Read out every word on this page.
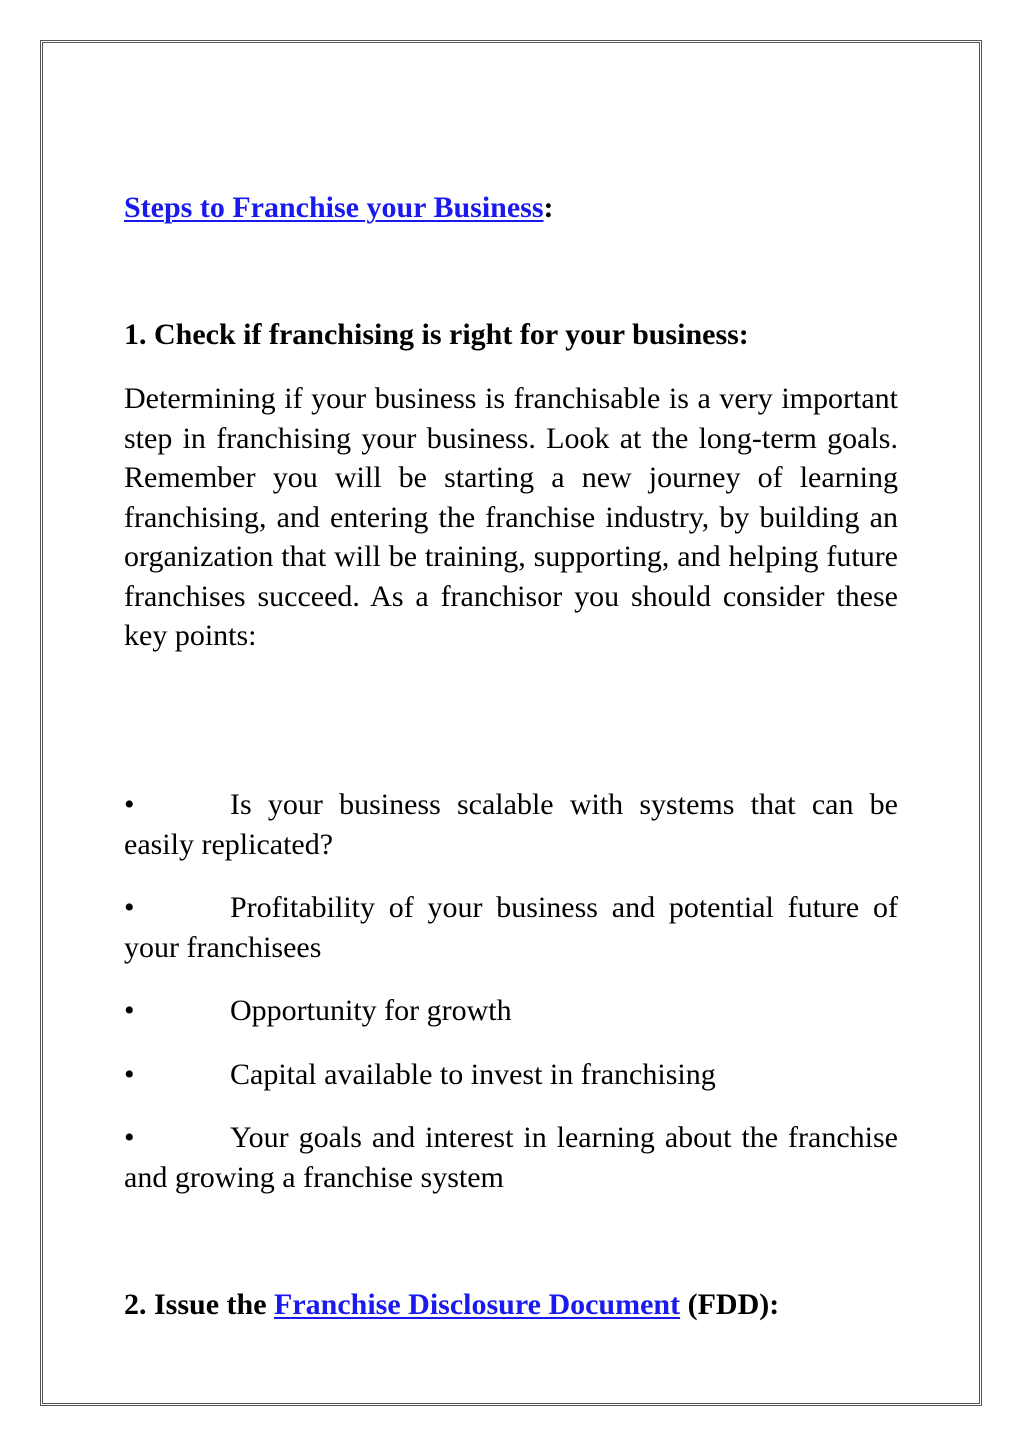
Steps to Franchise your Business:

1. Check if franchising is right for your business:

Determining if your business is franchisable is a very important step in franchising your business. Look at the long-term goals. Remember you will be starting a new journey of learning franchising, and entering the franchise industry, by building an organization that will be training, supporting, and helping future franchises succeed. As a franchisor you should consider these key points:

•	Is your business scalable with systems that can be easily replicated?
•	Profitability of your business and potential future of your franchisees
•	Opportunity for growth
•	Capital available to invest in franchising
•	Your goals and interest in learning about the franchise and growing a franchise system

2. Issue the Franchise Disclosure Document (FDD):
